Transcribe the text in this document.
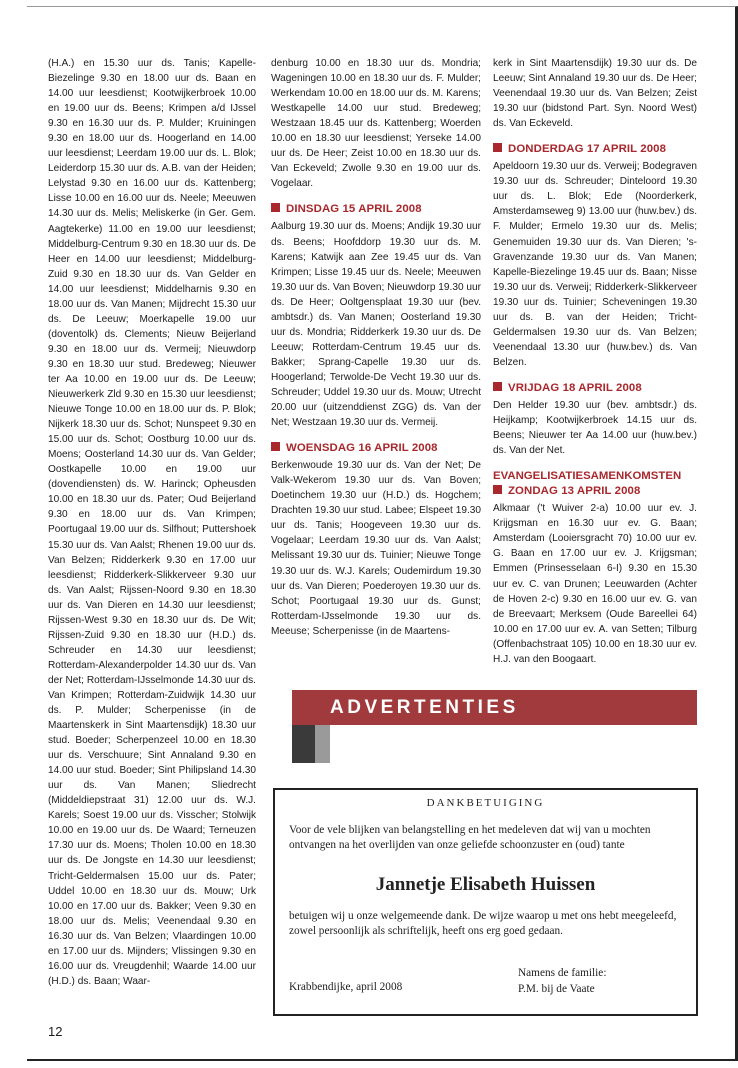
(H.A.) en 15.30 uur ds. Tanis; Kapelle-Biezelinge 9.30 en 18.00 uur ds. Baan en 14.00 uur leesdienst; Kootwijkerbroek 10.00 en 19.00 uur ds. Beens; Krimpen a/d IJssel 9.30 en 16.30 uur ds. P. Mulder; Kruiningen 9.30 en 18.00 uur ds. Hoogerland en 14.00 uur leesdienst; Leerdam 19.00 uur ds. L. Blok; Leiderdorp 15.30 uur ds. A.B. van der Heiden; Lelystad 9.30 en 16.00 uur ds. Kattenberg; Lisse 10.00 en 16.00 uur ds. Neele; Meeuwen 14.30 uur ds. Melis; Meliskerke (in Ger. Gem. Aagtekerke) 11.00 en 19.00 uur leesdienst; Middelburg-Centrum 9.30 en 18.30 uur ds. De Heer en 14.00 uur leesdienst; Middelburg-Zuid 9.30 en 18.30 uur ds. Van Gelder en 14.00 uur leesdienst; Middelharnis 9.30 en 18.00 uur ds. Van Manen; Mijdrecht 15.30 uur ds. De Leeuw; Moerkapelle 19.00 uur (doventolk) ds. Clements; Nieuw Beijerland 9.30 en 18.00 uur ds. Vermeij; Nieuwdorp 9.30 en 18.30 uur stud. Bredeweg; Nieuwer ter Aa 10.00 en 19.00 uur ds. De Leeuw; Nieuwerkerk Zld 9.30 en 15.30 uur leesdienst; Nieuwe Tonge 10.00 en 18.00 uur ds. P. Blok; Nijkerk 18.30 uur ds. Schot; Nunspeet 9.30 en 15.00 uur ds. Schot; Oostburg 10.00 uur ds. Moens; Oosterland 14.30 uur ds. Van Gelder; Oostkapelle 10.00 en 19.00 uur (dovendiensten) ds. W. Harinck; Opheusden 10.00 en 18.30 uur ds. Pater; Oud Beijerland 9.30 en 18.00 uur ds. Van Krimpen; Poortugaal 19.00 uur ds. Silfhout; Puttershoek 15.30 uur ds. Van Aalst; Rhenen 19.00 uur ds. Van Belzen; Ridderkerk 9.30 en 17.00 uur leesdienst; Ridderkerk-Slikkerveer 9.30 uur ds. Van Aalst; Rijssen-Noord 9.30 en 18.30 uur ds. Van Dieren en 14.30 uur leesdienst; Rijssen-West 9.30 en 18.30 uur ds. De Wit; Rijssen-Zuid 9.30 en 18.30 uur (H.D.) ds. Schreuder en 14.30 uur leesdienst; Rotterdam-Alexanderpolder 14.30 uur ds. Van der Net; Rotterdam-IJsselmonde 14.30 uur ds. Van Krimpen; Rotterdam-Zuidwijk 14.30 uur ds. P. Mulder; Scherpenisse (in de Maartenskerk in Sint Maartensdijk) 18.30 uur stud. Boeder; Scherpenzeel 10.00 en 18.30 uur ds. Verschuure; Sint Annaland 9.30 en 14.00 uur stud. Boeder; Sint Philipsland 14.30 uur ds. Van Manen; Sliedrecht (Middeldiepstraat 31) 12.00 uur ds. W.J. Karels; Soest 19.00 uur ds. Visscher; Stolwijk 10.00 en 19.00 uur ds. De Waard; Terneuzen 17.30 uur ds. Moens; Tholen 10.00 en 18.30 uur ds. De Jongste en 14.30 uur leesdienst; Tricht-Geldermalsen 15.00 uur ds. Pater; Uddel 10.00 en 18.30 uur ds. Mouw; Urk 10.00 en 17.00 uur ds. Bakker; Veen 9.30 en 18.00 uur ds. Melis; Veenendaal 9.30 en 16.30 uur ds. Van Belzen; Vlaardingen 10.00 en 17.00 uur ds. Mijnders; Vlissingen 9.30 en 16.00 uur ds. Vreugdenhil; Waarde 14.00 uur (H.D.) ds. Baan; Waar-

denburg 10.00 en 18.30 uur ds. Mondria; Wageningen 10.00 en 18.30 uur ds. F. Mulder; Werkendam 10.00 en 18.00 uur ds. M. Karens; Westkapelle 14.00 uur stud. Bredeweg; Westzaan 18.45 uur ds. Kattenberg; Woerden 10.00 en 18.30 uur leesdienst; Yerseke 14.00 uur ds. De Heer; Zeist 10.00 en 18.30 uur ds. Van Eckeveld; Zwolle 9.30 en 19.00 uur ds. Vogelaar.

DINSDAG 15 APRIL 2008

Aalburg 19.30 uur ds. Moens; Andijk 19.30 uur ds. Beens; Hoofddorp 19.30 uur ds. M. Karens; Katwijk aan Zee 19.45 uur ds. Van Krimpen; Lisse 19.45 uur ds. Neele; Meeuwen 19.30 uur ds. Van Boven; Nieuwdorp 19.30 uur ds. De Heer; Ooltgensplaat 19.30 uur (bev. ambtsdr.) ds. Van Manen; Oosterland 19.30 uur ds. Mondria; Ridderkerk 19.30 uur ds. De Leeuw; Rotterdam-Centrum 19.45 uur ds. Bakker; Sprang-Capelle 19.30 uur ds. Hoogerland; Terwolde-De Vecht 19.30 uur ds. Schreuder; Uddel 19.30 uur ds. Mouw; Utrecht 20.00 uur (uitzenddienst ZGG) ds. Van der Net; Westzaan 19.30 uur ds. Vermeij.

WOENSDAG 16 APRIL 2008

Berkenwoude 19.30 uur ds. Van der Net; De Valk-Wekerom 19.30 uur ds. Van Boven; Doetinchem 19.30 uur (H.D.) ds. Hogchem; Drachten 19.30 uur stud. Labee; Elspeet 19.30 uur ds. Tanis; Hoogeveen 19.30 uur ds. Vogelaar; Leerdam 19.30 uur ds. Van Aalst; Melissant 19.30 uur ds. Tuinier; Nieuwe Tonge 19.30 uur ds. W.J. Karels; Oudemirdum 19.30 uur ds. Van Dieren; Poederoyen 19.30 uur ds. Schot; Poortugaal 19.30 uur ds. Gunst; Rotterdam-IJsselmonde 19.30 uur ds. Meeuse; Scherpenisse (in de Maartens-

kerk in Sint Maartensdijk) 19.30 uur ds. De Leeuw; Sint Annaland 19.30 uur ds. De Heer; Veenendaal 19.30 uur ds. Van Belzen; Zeist 19.30 uur (bidstond Part. Syn. Noord West) ds. Van Eckeveld.

DONDERDAG 17 APRIL 2008

Apeldoorn 19.30 uur ds. Verweij; Bodegraven 19.30 uur ds. Schreuder; Dinteloord 19.30 uur ds. L. Blok; Ede (Noorderkerk, Amsterdamseweg 9) 13.00 uur (huw.bev.) ds. F. Mulder; Ermelo 19.30 uur ds. Melis; Genemuiden 19.30 uur ds. Van Dieren; 's-Gravenzande 19.30 uur ds. Van Manen; Kapelle-Biezelinge 19.45 uur ds. Baan; Nisse 19.30 uur ds. Verweij; Ridderkerk-Slikkerveer 19.30 uur ds. Tuinier; Scheveningen 19.30 uur ds. B. van der Heiden; Tricht-Geldermalsen 19.30 uur ds. Van Belzen; Veenendaal 13.30 uur (huw.bev.) ds. Van Belzen.

VRIJDAG 18 APRIL 2008

Den Helder 19.30 uur (bev. ambtsdr.) ds. Heijkamp; Kootwijkerbroek 14.15 uur ds. Beens; Nieuwer ter Aa 14.00 uur (huw.bev.) ds. Van der Net.

EVANGELISATIESAMENKOMSTEN
ZONDAG 13 APRIL 2008

Alkmaar ('t Wuiver 2-a) 10.00 uur ev. J. Krijgsman en 16.30 uur ev. G. Baan; Amsterdam (Looiersgracht 70) 10.00 uur ev. G. Baan en 17.00 uur ev. J. Krijgsman; Emmen (Prinsesselaan 6-I) 9.30 en 15.30 uur ev. C. van Drunen; Leeuwarden (Achter de Hoven 2-c) 9.30 en 16.00 uur ev. G. van de Breevaart; Merksem (Oude Bareellei 64) 10.00 en 17.00 uur ev. A. van Setten; Tilburg (Offenbachstraat 105) 10.00 en 18.30 uur ev. H.J. van den Boogaart.

ADVERTENTIES
DANKBETUIGING
Voor de vele blijken van belangstelling en het medeleven dat wij van u mochten ontvangen na het overlijden van onze geliefde schoonzuster en (oud) tante
Jannetje Elisabeth Huissen
betuigen wij u onze welgemeende dank. De wijze waarop u met ons hebt meegeleefd, zowel persoonlijk als schriftelijk, heeft ons erg goed gedaan.
Krabbendijke, april 2008
Namens de familie:
P.M. bij de Vaate
12
